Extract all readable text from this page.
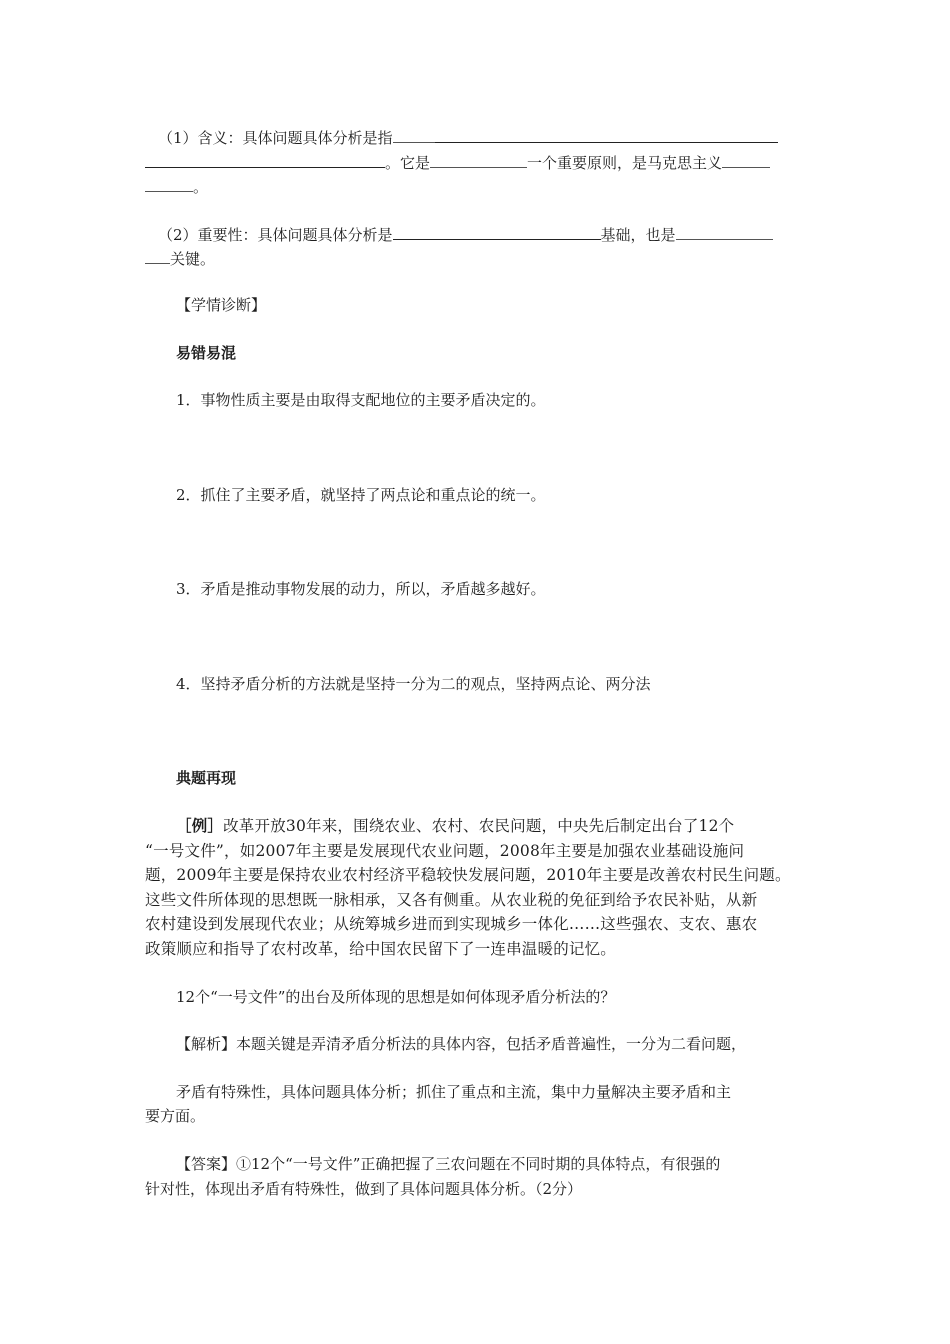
（1）含义：具体问题具体分析是指
。它是	一个重要原则，是马克思主义
。
（2）重要性：具体问题具体分析是	基础，也是
关键。
【学情诊断】
易错易混
1．事物性质主要是由取得支配地位的主要矛盾决定的。
2．抓住了主要矛盾，就坚持了两点论和重点论的统一。
3．矛盾是推动事物发展的动力，所以，矛盾越多越好。
4．坚持矛盾分析的方法就是坚持一分为二的观点，坚持两点论、两分法
典题再现
［例］改革开放30年来，围绕农业、农村、农民问题，中央先后制定出台了12个
“一号文件”，如2007年主要是发展现代农业问题，2008年主要是加强农业基础设施问
题，2009年主要是保持农业农村经济平稳较快发展问题，2010年主要是改善农村民生问题。
这些文件所体现的思想既一脉相承，又各有侧重。从农业税的免征到给予农民补贴，从新
农村建设到发展现代农业；从统筹城乡进而到实现城乡一体化……这些强农、支农、惠农
政策顺应和指导了农村改革，给中国农民留下了一连串温暖的记忆。
12个“一号文件”的出台及所体现的思想是如何体现矛盾分析法的？
【解析】本题关键是弄清矛盾分析法的具体内容，包括矛盾普遍性，一分为二看问题，
矛盾有特殊性，具体问题具体分析；抓住了重点和主流，集中力量解决主要矛盾和主
要方面。
【答案】①12个“一号文件”正确把握了三农问题在不同时期的具体特点，有很强的
针对性，体现出矛盾有特殊性，做到了具体问题具体分析。（2分）
